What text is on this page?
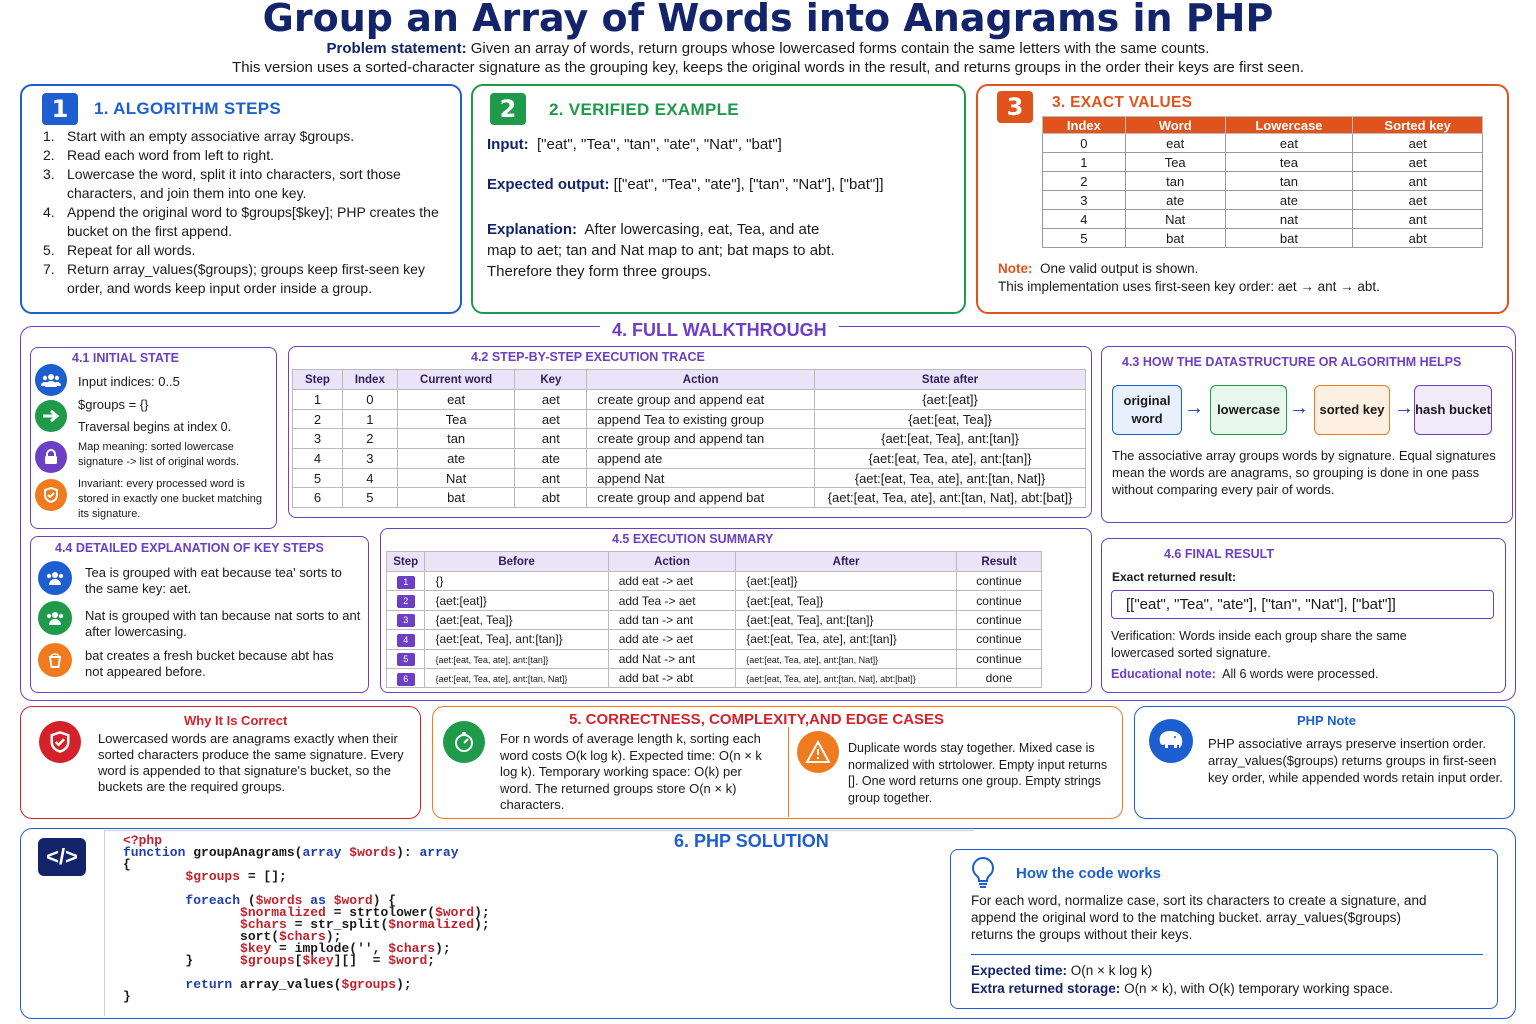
Group an Array of Words into Anagrams in PHP
Problem statement: Given an array of words, return groups whose lowercased forms contain the same letters with the same counts.
This version uses a sorted-character signature as the grouping key, keeps the original words in the result, and returns groups in the order their keys are first seen.
1	1. ALGORITHM STEPS
1. Start with an empty associative array $groups.
2. Read each word from left to right.
3. Lowercase the word, split it into characters, sort those characters, and join them into one key.
4. Append the original word to $groups[$key]; PHP creates the bucket on the first append.
5. Repeat for all words.
7. Return array_values($groups); groups keep first-seen key order, and words keep input order inside a group.
2	2. VERIFIED EXAMPLE
Input: ["eat", "Tea", "tan", "ate", "Nat", "bat"]
Expected output: [["eat", "Tea", "ate"], ["tan", "Nat"], ["bat"]]
Explanation: After lowercasing, eat, Tea, and ate
map to aet; tan and Nat map to ant; bat maps to abt.
Therefore they form three groups.
3	3. EXACT VALUES
Index	Word	Lowercase	Sorted key
0	eat	eat	aet
1	Tea	tea	aet
2	tan	tan	ant
3	ate	ate	aet
4	Nat	nat	ant
5	bat	bat	abt
Note: One valid output is shown.
This implementation uses first-seen key order: aet → ant → abt.
4. FULL WALKTHROUGH
4.1 INITIAL STATE
Input indices: 0..5
$groups = {}
Traversal begins at index 0.
Map meaning: sorted lowercase signature -> list of original words.
Invariant: every processed word is stored in exactly one bucket matching its signature.
4.2 STEP-BY-STEP EXECUTION TRACE
Step	Index	Current word	Key	Action	State after
1	0	eat	aet	create group and append eat	{aet:[eat]}
2	1	Tea	aet	append Tea to existing group	{aet:[eat, Tea]}
3	2	tan	ant	create group and append tan	{aet:[eat, Tea], ant:[tan]}
4	3	ate	ate	append ate	{aet:[eat, Tea, ate], ant:[tan]}
5	4	Nat	ant	append Nat	{aet:[eat, Tea, ate], ant:[tan, Nat]}
6	5	bat	abt	create group and append bat	{aet:[eat, Tea, ate], ant:[tan, Nat], abt:[bat]}
4.3 HOW THE DATASTRUCTURE OR ALGORITHM HELPS
original word	→	lowercase → sorted key → hash bucket
The associative array groups words by signature. Equal signatures mean the words are anagrams, so grouping is done in one pass without comparing every pair of words.
4.4 DETAILED EXPLANATION OF KEY STEPS
Tea is grouped with eat because tea' sorts to the same key: aet.
Nat is grouped with tan because nat sorts to ant after lowercasing.
bat creates a fresh bucket because abt has not appeared before.
4.5 EXECUTION SUMMARY
Step	Before	Action	After	Result
1	{}	add eat -> aet	{aet:[eat]}	continue
2	{aet:[eat]}	add Tea -> aet	{aet:[eat, Tea]}	continue
3	{aet:[eat, Tea]}	add tan -> ant	{aet:[eat, Tea], ant:[tan]}	continue
4	{aet:[eat, Tea], ant:[tan]}	add ate -> aet	{aet:[eat, Tea, ate], ant:[tan]}	continue
5	{aet:[eat, Tea, ate], ant:[tan]}	add Nat -> ant	{aet:[eat, Tea, ate], ant:[tan, Nat]}	continue
6	{aet:[eat, Tea, ate], ant:[tan, Nat]}	add bat -> abt	{aet:[eat, Tea, ate], ant:[tan, Nat], abt:[bat]}	done
4.6 FINAL RESULT
Exact returned result:
[["eat", "Tea", "ate"], ["tan", "Nat"], ["bat"]]
Verification: Words inside each group share the same lowercased sorted signature.
Educational note: All 6 words were processed.
Why It Is Correct
Lowercased words are anagrams exactly when their sorted characters produce the same signature. Every word is appended to that signature's bucket, so the buckets are the required groups.
5. CORRECTNESS, COMPLEXITY,AND EDGE CASES
For n words of average length k, sorting each word costs O(k log k). Expected time: O(n × k log k). Temporary working space: O(k) per word. The returned groups store O(n × k) characters.
Duplicate words stay together. Mixed case is normalized with strtolower. Empty input returns []. One word returns one group. Empty strings group together.
PHP Note
PHP associative arrays preserve insertion order. array_values($groups) returns groups in first-seen key order, while appended words retain input order.
</>
<?php
function groupAnagrams(array $words): array
{
$groups = [];

foreach ($words as $word) {
$normalized = strtolower($word);
$chars = str_split($normalized);
sort($chars);
$key = implode('', $chars);
}	$groups[$key][]  = $word;

return array_values($groups);
}
6. PHP SOLUTION
How the code works
For each word, normalize case, sort its characters to create a signature, and append the original word to the matching bucket. array_values($groups) returns the groups without their keys.
Expected time: O(n × k log k)
Extra returned storage: O(n × k), with O(k) temporary working space.
